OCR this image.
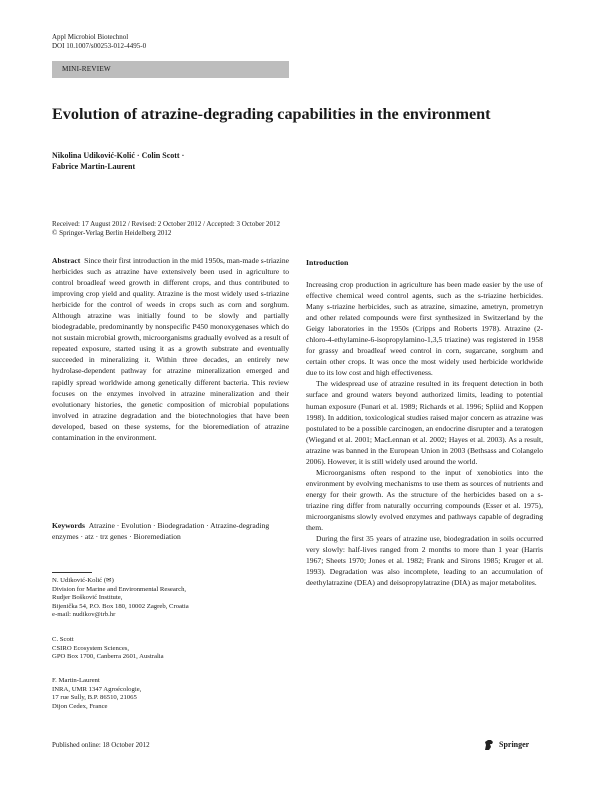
Appl Microbiol Biotechnol
DOI 10.1007/s00253-012-4495-0
MINI-REVIEW
Evolution of atrazine-degrading capabilities in the environment
Nikolina Udiković-Kolić · Colin Scott ·
Fabrice Martin-Laurent
Received: 17 August 2012 / Revised: 2 October 2012 / Accepted: 3 October 2012
© Springer-Verlag Berlin Heidelberg 2012

Abstract Since their first introduction in the mid 1950s, man-made s-triazine herbicides such as atrazine have extensively been used in agriculture to control broadleaf weed growth in different crops, and thus contributed to improving crop yield and quality. Atrazine is the most widely used s-triazine herbicide for the control of weeds in crops such as corn and sorghum. Although atrazine was initially found to be slowly and partially biodegradable, predominantly by nonspecific P450 monoxygenases which do not sustain microbial growth, microorganisms gradually evolved as a result of repeated exposure, started using it as a growth substrate and eventually succeeded in mineralizing it. Within three decades, an entirely new hydrolase-dependent pathway for atrazine mineralization emerged and rapidly spread worldwide among genetically different bacteria. This review focuses on the enzymes involved in atrazine mineralization and their evolutionary histories, the genetic composition of microbial populations involved in atrazine degradation and the biotechnologies that have been developed, based on these systems, for the bioremediation of atrazine contamination in the environment.

Keywords Atrazine · Evolution · Biodegradation · Atrazine-degrading enzymes · atz · trz genes · Bioremediation
N. Udiković-Kolić (✉)
Division for Marine and Environmental Research,
Rudjer Bošković Institute,
Bijenička 54, P.O. Box 180, 10002 Zagreb, Croatia
e-mail: nudikov@irb.hr
C. Scott
CSIRO Ecosystem Sciences,
GPO Box 1700, Canberra 2601, Australia
F. Martin-Laurent
INRA, UMR 1347 Agroécologie,
17 rue Sully, B.P. 86510, 21065
Dijon Cedex, France
Introduction

Increasing crop production in agriculture has been made easier by the use of effective chemical weed control agents, such as the s-triazine herbicides. Many s-triazine herbicides, such as atrazine, simazine, ametryn, prometryn and other related compounds were first synthesized in Switzerland by the Geigy laboratories in the 1950s (Cripps and Roberts 1978). Atrazine (2-chloro-4-ethylamine-6-isopropylamino-1,3,5 triazine) was registered in 1958 for grassy and broadleaf weed control in corn, sugarcane, sorghum and certain other crops. It was once the most widely used herbicide worldwide due to its low cost and high effectiveness.

The widespread use of atrazine resulted in its frequent detection in both surface and ground waters beyond authorized limits, leading to potential human exposure (Funari et al. 1989; Richards et al. 1996; Spliid and Koppen 1998). In addition, toxicological studies raised major concern as atrazine was postulated to be a possible carcinogen, an endocrine disrupter and a teratogen (Wiegand et al. 2001; MacLennan et al. 2002; Hayes et al. 2003). As a result, atrazine was banned in the European Union in 2003 (Bethsass and Colangelo 2006). However, it is still widely used around the world.

Microorganisms often respond to the input of xenobiotics into the environment by evolving mechanisms to use them as sources of nutrients and energy for their growth. As the structure of the herbicides based on a s-triazine ring differ from naturally occurring compounds (Esser et al. 1975), microorganisms slowly evolved enzymes and pathways capable of degrading them.

During the first 35 years of atrazine use, biodegradation in soils occurred very slowly: half-lives ranged from 2 months to more than 1 year (Harris 1967; Sheets 1970; Jones et al. 1982; Frank and Sirons 1985; Kruger et al. 1993). Degradation was also incomplete, leading to an accumulation of deethylatrazine (DEA) and deisopropylatrazine (DIA) as major metabolites.

Published online: 18 October 2012	Springer
